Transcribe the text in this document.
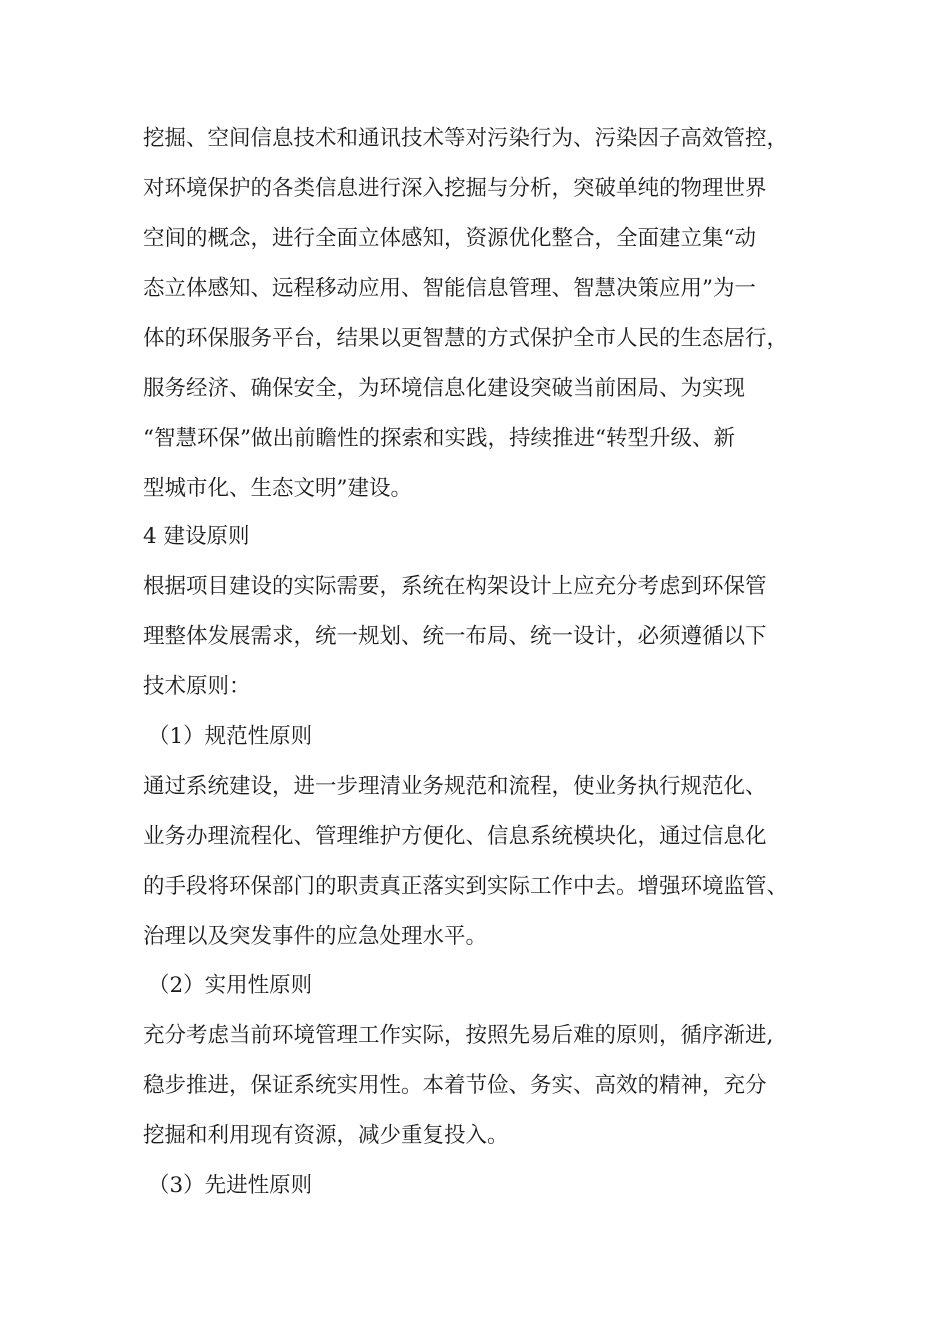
挖掘、空间信息技术和通讯技术等对污染行为、污染因子高效管控，
对环境保护的各类信息进行深入挖掘与分析，突破单纯的物理世界
空间的概念，进行全面立体感知，资源优化整合，全面建立集“动
态立体感知、远程移动应用、智能信息管理、智慧决策应用”为一
体的环保服务平台，结果以更智慧的方式保护全市人民的生态居行，
服务经济、确保安全，为环境信息化建设突破当前困局、为实现
“智慧环保”做出前瞻性的探索和实践，持续推进“转型升级、新
型城市化、生态文明”建设。
4 建设原则
根据项目建设的实际需要，系统在构架设计上应充分考虑到环保管
理整体发展需求，统一规划、统一布局、统一设计，必须遵循以下
技术原则：
（1）规范性原则
通过系统建设，进一步理清业务规范和流程，使业务执行规范化、
业务办理流程化、管理维护方便化、信息系统模块化，通过信息化
的手段将环保部门的职责真正落实到实际工作中去。增强环境监管、
治理以及突发事件的应急处理水平。
（2）实用性原则
充分考虑当前环境管理工作实际，按照先易后难的原则，循序渐进,
稳步推进，保证系统实用性。本着节俭、务实、高效的精神，充分
挖掘和利用现有资源，减少重复投入。
（3）先进性原则
